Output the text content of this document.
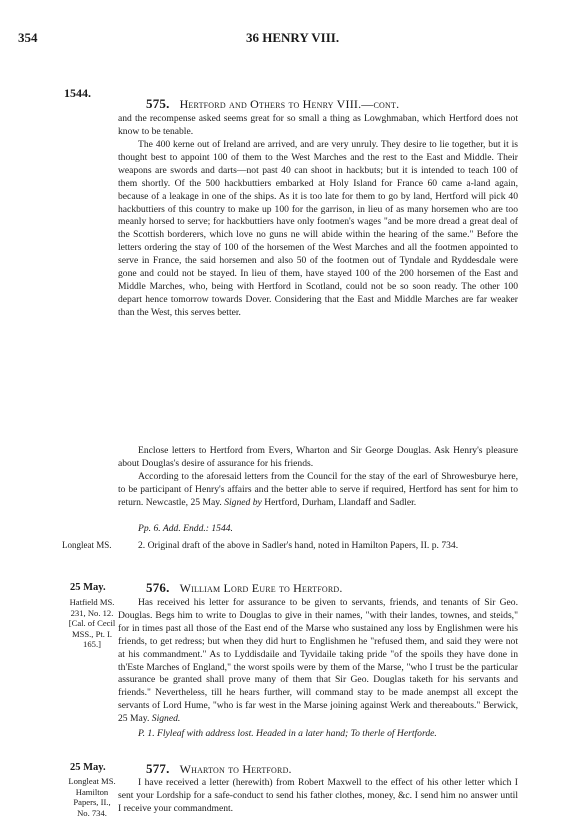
354	36 HENRY VIII.
1544.
575. Hertford and Others to Henry VIII.—cont.
and the recompense asked seems great for so small a thing as Lowghmaban, which Hertford does not know to be tenable.
The 400 kerne out of Ireland are arrived, and are very unruly. They desire to lie together, but it is thought best to appoint 100 of them to the West Marches and the rest to the East and Middle. Their weapons are swords and darts—not past 40 can shoot in hackbuts; but it is intended to teach 100 of them shortly. Of the 500 hackbuttiers embarked at Holy Island for France 60 came a-land again, because of a leakage in one of the ships. As it is too late for them to go by land, Hertford will pick 40 hackbuttiers of this country to make up 100 for the garrison, in lieu of as many horsemen who are too meanly horsed to serve; for hackbuttiers have only footmen's wages "and be more dread a great deal of the Scottish borderers, which love no guns ne will abide within the hearing of the same." Before the letters ordering the stay of 100 of the horsemen of the West Marches and all the footmen appointed to serve in France, the said horsemen and also 50 of the footmen out of Tyndale and Ryddesdale were gone and could not be stayed. In lieu of them, have stayed 100 of the 200 horsemen of the East and Middle Marches, who, being with Hertford in Scotland, could not be so soon ready. The other 100 depart hence tomorrow towards Dover. Considering that the East and Middle Marches are far weaker than the West, this serves better.
Enclose letters to Hertford from Evers, Wharton and Sir George Douglas. Ask Henry's pleasure about Douglas's desire of assurance for his friends.
According to the aforesaid letters from the Council for the stay of the earl of Shrowesburye here, to be participant of Henry's affairs and the better able to serve if required, Hertford has sent for him to return. Newcastle, 25 May. Signed by Hertford, Durham, Llandaff and Sadler.
Pp. 6. Add. Endd.: 1544.
Longleat MS.	2. Original draft of the above in Sadler's hand, noted in Hamilton Papers, II. p. 734.
25 May.
Hatfield MS. 231, No. 12. [Cal. of Cecil MSS., Pt. I. 165.]
576. William Lord Eure to Hertford.
Has received his letter for assurance to be given to servants, friends, and tenants of Sir Geo. Douglas. Begs him to write to Douglas to give in their names, "with their landes, townes, and steids," for in times past all those of the East end of the Marse who sustained any loss by Englishmen were his friends, to get redress; but when they did hurt to Englishmen he "refused them, and said they were not at his commandment." As to Lyddisdaile and Tyvidaile taking pride "of the spoils they have done in th'Este Marches of England," the worst spoils were by them of the Marse, "who I trust be the particular assurance be granted shall prove many of them that Sir Geo. Douglas taketh for his servants and friends." Nevertheless, till he hears further, will command stay to be made anempst all except the servants of Lord Hume, "who is far west in the Marse joining against Werk and thereabouts." Berwick, 25 May. Signed.
P. 1. Flyleaf with address lost. Headed in a later hand; To therle of Hertforde.
25 May.
Longleat MS. Hamilton Papers, II., No. 734.
577. Wharton to Hertford.
I have received a letter (herewith) from Robert Maxwell to the effect of his other letter which I sent your Lordship for a safe-conduct to send his father clothes, money, &c. I send him no answer until I receive your commandment.
